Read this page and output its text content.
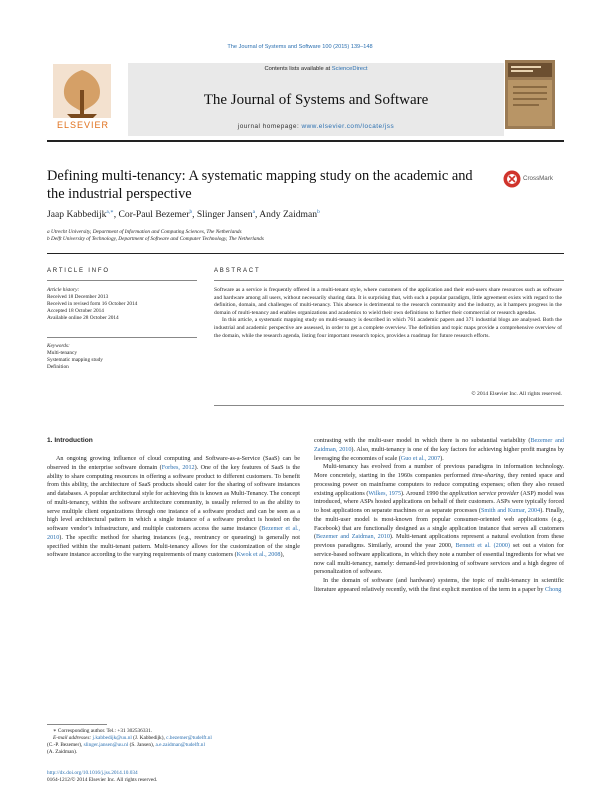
The Journal of Systems and Software 100 (2015) 139–148
ELSEVIER
Contents lists available at ScienceDirect
The Journal of Systems and Software
journal homepage: www.elsevier.com/locate/jss
Defining multi-tenancy: A systematic mapping study on the academic and the industrial perspective
CrossMark
Jaap Kabbedijk$^{a,∗}$, Cor-Paul Bezemer$^b$, Slinger Jansen$^a$, Andy Zaidman$^b$
a Utrecht University, Department of Information and Computing Sciences, The Netherlands
b Delft University of Technology, Department of Software and Computer Technology, The Netherlands
ARTICLE INFO	ABSTRACT
Article history:
Received 18 December 2013
Received in revised form 16 October 2014
Accepted 18 October 2014
Available online 28 October 2014
Keywords:
Multi-tenancy
Systematic mapping study
Definition

Software as a service is frequently offered in a multi-tenant style, where customers of the application and their end-users share resources such as software and hardware among all users, without necessarily sharing data. It is surprising that, with such a popular paradigm, little agreement exists with regard to the definition, domain, and challenges of multi-tenancy. This absence is detrimental to the research community and the industry, as it hampers progress in the domain of multi-tenancy and enables organizations and academics to wield their own definitions to further their commercial or research agendas.

In this article, a systematic mapping study on multi-tenancy is described in which 761 academic papers and 371 industrial blogs are analysed. Both the industrial and academic perspective are assessed, in order to get a complete overview. The definition and topic maps provide a comprehensive overview of the domain, while the research agenda, listing four important research topics, provides a roadmap for future research efforts.

© 2014 Elsevier Inc. All rights reserved.
1. Introduction

An ongoing growing influence of cloud computing and Software-as-a-Service (SaaS) can be observed in the enterprise software domain (Forbes, 2012). One of the key features of SaaS is the ability to share computing resources in offering a software product to different customers. To benefit from this ability, the architecture of SaaS products should cater for the sharing of software instances and databases. A popular architectural style for achieving this is known as Multi-Tenancy. The concept of multi-tenancy, within the software architecture community, is usually referred to as the ability to serve multiple client organizations through one instance of a software product and can be seen as a high level architectural pattern in which a single instance of a software product is hosted on the software vendor’s infrastructure, and multiple customers access the same instance (Bezemer et al., 2010). The specific method for sharing instances (e.g., reentrancy or queueing) is generally not specified within the multi-tenant pattern. Multi-tenancy allows for the customization of the single software instance according to the varying requirements of many customers (Kwok et al., 2008),

contrasting with the multi-user model in which there is no substantial variability (Bezemer and Zaidman, 2010). Also, multi-tenancy is one of the key factors for achieving higher profit margins by leveraging the economies of scale (Guo et al., 2007).

Multi-tenancy has evolved from a number of previous paradigms in information technology. More concretely, starting in the 1960s companies performed time-sharing, they rented space and processing power on mainframe computers to reduce computing expenses; often they also reused existing applications (Wilkes, 1975). Around 1990 the application service provider (ASP) model was introduced, where ASPs hosted applications on behalf of their customers. ASPs were typically forced to host applications on separate machines or as separate processes (Smith and Kumar, 2004). Finally, the multi-user model is most-known from popular consumer-oriented web applications (e.g., Facebook) that are functionally designed as a single application instance that serves all customers (Bezemer and Zaidman, 2010). Multi-tenant applications represent a natural evolution from these previous paradigms. Similarly, around the year 2000, Bennett et al. (2000) set out a vision for service-based software applications, in which they note a number of essential ingredients for what we now call multi-tenancy, namely: demand-led provisioning of software services and a high degree of personalization of software.

In the domain of software (and hardware) systems, the topic of multi-tenancy in scientific literature appeared relatively recently, with the first explicit mention of the term in a paper by Chong

∗ Corresponding author. Tel.: +31 302536331.
E-mail addresses: j.kabbedijk@uu.nl (J. Kabbedijk), c.bezemer@tudelft.nl
(C.-P. Bezemer), slinger.jansen@uu.nl (S. Jansen), a.e.zaidman@tudelft.nl
(A. Zaidman).
http://dx.doi.org/10.1016/j.jss.2014.10.034
0164-1212/© 2014 Elsevier Inc. All rights reserved.
